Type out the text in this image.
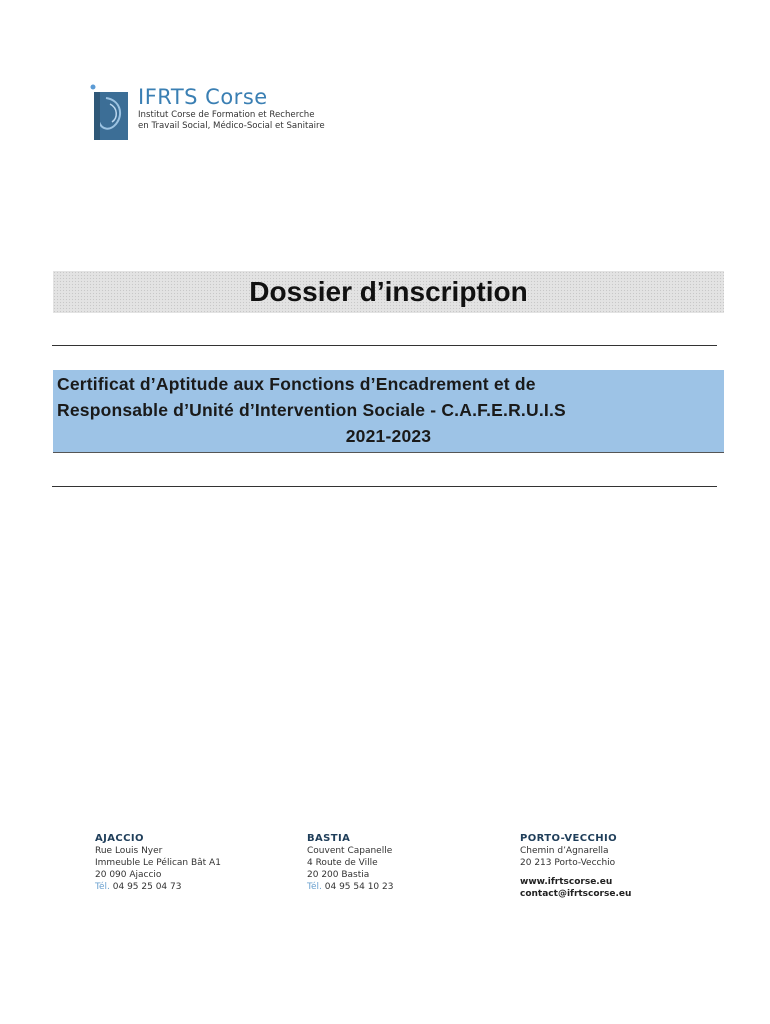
IFRTS Corse
Institut Corse de Formation et Recherche
en Travail Social, Médico-Social et Sanitaire
Dossier d’inscription
Certificat d’Aptitude aux Fonctions d’Encadrement et de
Responsable d’Unité d’Intervention Sociale - C.A.F.E.R.U.I.S
2021-2023
AJACCIO
Rue Louis Nyer
Immeuble Le Pélican Bât A1
20 090 Ajaccio
Tél. 04 95 25 04 73
BASTIA
Couvent Capanelle
4 Route de Ville
20 200 Bastia
Tél. 04 95 54 10 23
PORTO-VECCHIO
Chemin d’Agnarella
20 213 Porto-Vecchio
www.ifrtscorse.eu
contact@ifrtscorse.eu
